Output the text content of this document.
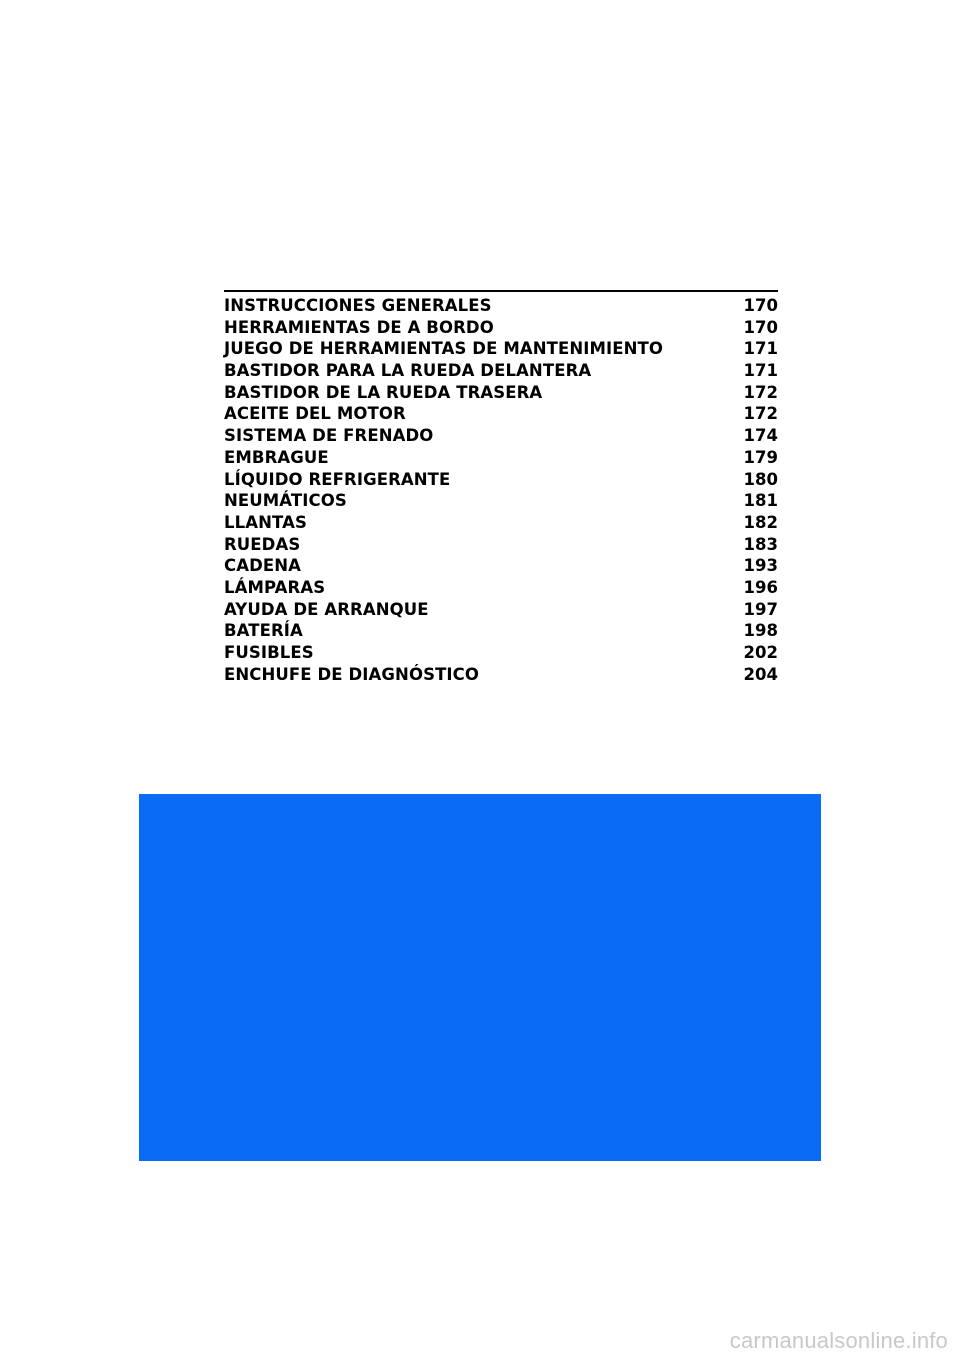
INSTRUCCIONES GENERALES	170
HERRAMIENTAS DE A BORDO	170
JUEGO DE HERRAMIENTAS DE MANTENIMIENTO	171
BASTIDOR PARA LA RUEDA DELANTERA	171
BASTIDOR DE LA RUEDA TRASERA	172
ACEITE DEL MOTOR	172
SISTEMA DE FRENADO	174
EMBRAGUE	179
LÍQUIDO REFRIGERANTE	180
NEUMÁTICOS	181
LLANTAS	182
RUEDAS	183
CADENA	193
LÁMPARAS	196
AYUDA DE ARRANQUE	197
BATERÍA	198
FUSIBLES	202
ENCHUFE DE DIAGNÓSTICO	204
carmanualsonline.info
